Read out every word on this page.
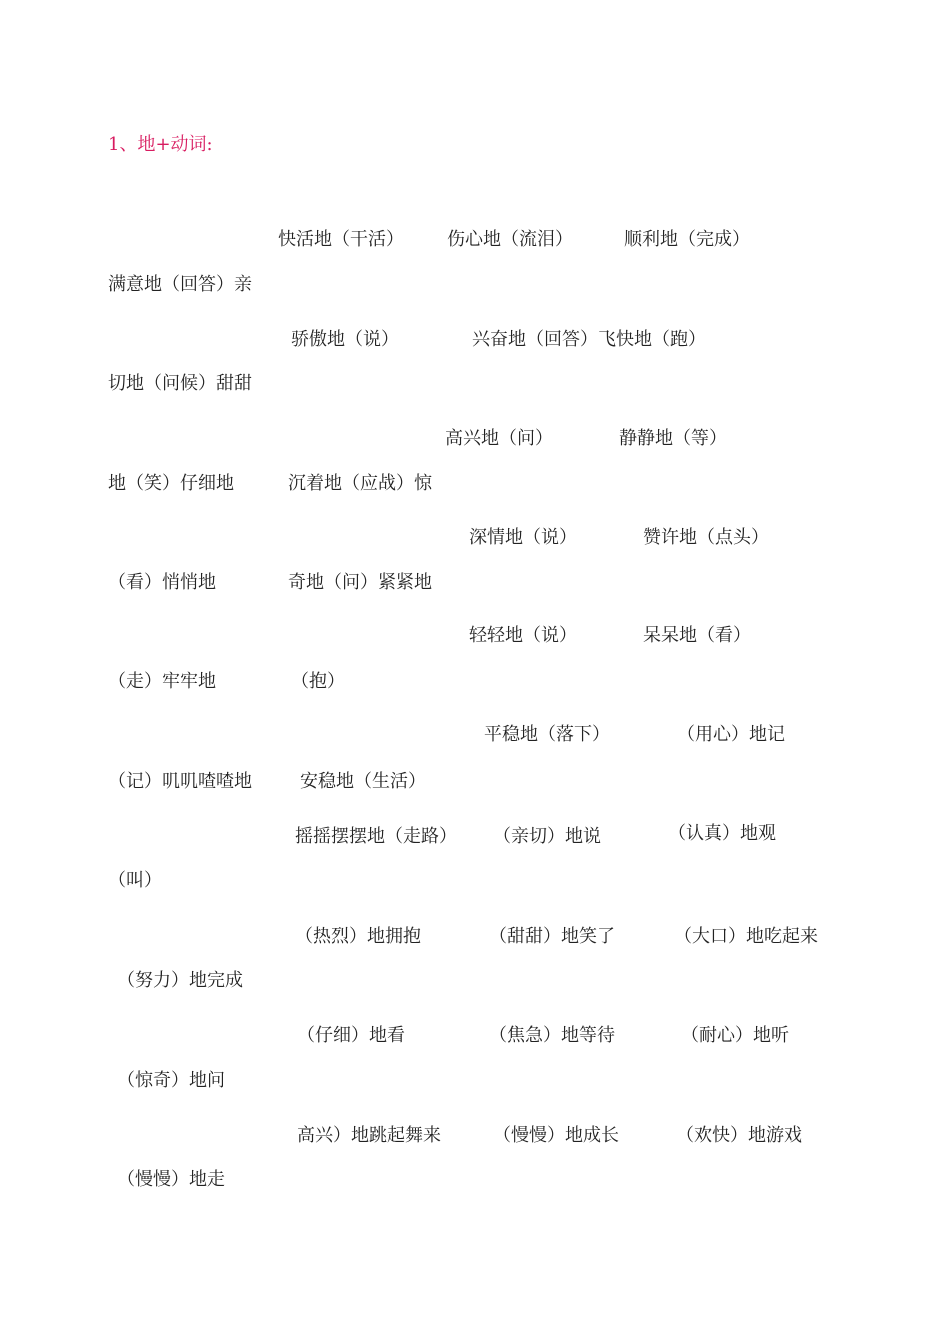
1、地+动词:
快活地（干活） 伤心地（流泪）	顺利地（完成）
满意地（回答）亲
骄傲地（说）	兴奋地（回答）飞快地（跑）
切地（问候）甜甜
高兴地（问）	静静地（等）
地（笑）仔细地	沉着地（应战）惊
深情地（说）	赞许地（点头）
（看）悄悄地	奇地（问）紧紧地
轻轻地（说）	呆呆地（看）
（走）牢牢地	（抱）
平稳地（落下）	（用心）地记
（记）叽叽喳喳地	安稳地（生活）
摇摇摆摆地（走路） （亲切）地说	（认真）地观
（叫）
（热烈）地拥抱	（甜甜）地笑了	（大口）地吃起来
（努力）地完成
（仔细）地看	（焦急）地等待	（耐心）地听
（惊奇）地问
高兴）地跳起舞来	（慢慢）地成长	（欢快）地游戏
（慢慢）地走
